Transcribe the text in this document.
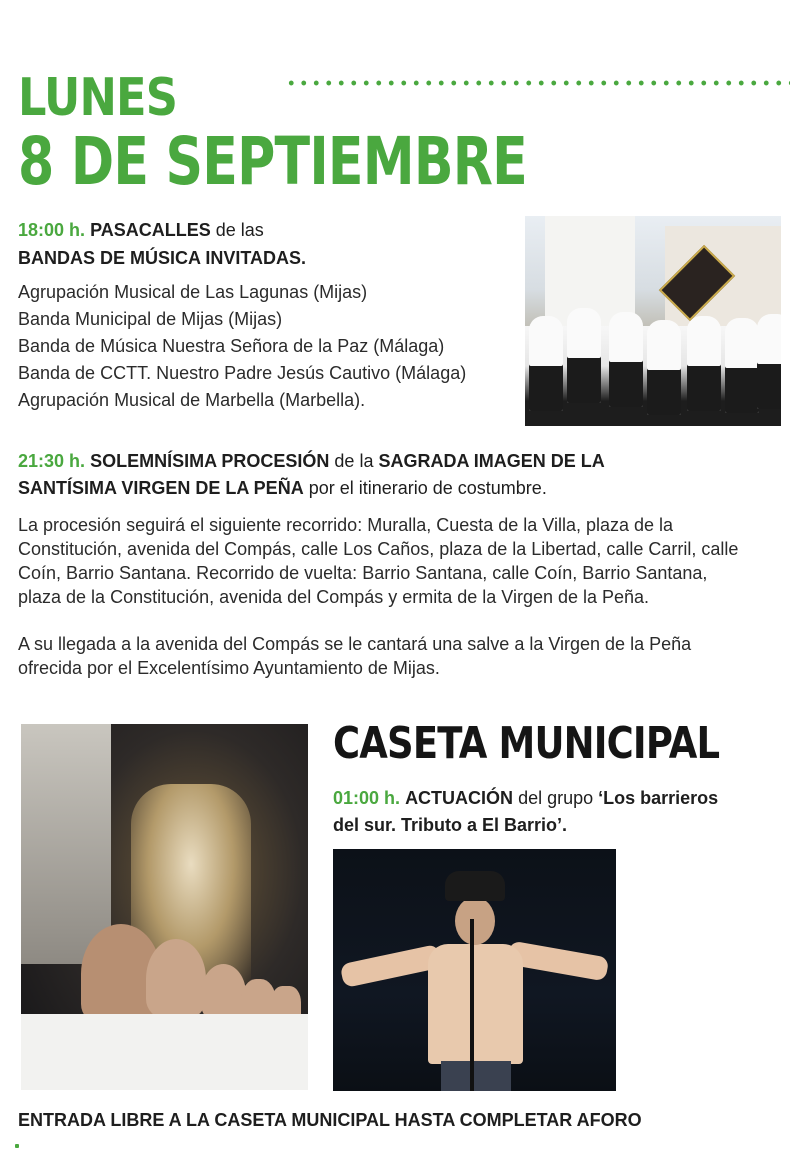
LUNES
8 DE SEPTIEMBRE
18:00 h. PASACALLES de las
BANDAS DE MÚSICA INVITADAS.
Agrupación Musical de Las Lagunas (Mijas)
Banda Municipal de Mijas (Mijas)
Banda de Música Nuestra Señora de la Paz (Málaga)
Banda de CCTT. Nuestro Padre Jesús Cautivo (Málaga)
Agrupación Musical de Marbella (Marbella).
21:30 h. SOLEMNÍSIMA PROCESIÓN de la SAGRADA IMAGEN DE LA
SANTÍSIMA VIRGEN DE LA PEÑA por el itinerario de costumbre.
La procesión seguirá el siguiente recorrido: Muralla, Cuesta de la Villa, plaza de la
Constitución, avenida del Compás, calle Los Caños, plaza de la Libertad, calle Carril, calle
Coín, Barrio Santana. Recorrido de vuelta: Barrio Santana, calle Coín, Barrio Santana,
plaza de la Constitución, avenida del Compás y ermita de la Virgen de la Peña.
A su llegada a la avenida del Compás se le cantará una salve a la Virgen de la Peña
ofrecida por el Excelentísimo Ayuntamiento de Mijas.
CASETA MUNICIPAL
01:00 h. ACTUACIÓN del grupo ‘Los barrieros
del sur. Tributo a El Barrio’.
ENTRADA LIBRE A LA CASETA MUNICIPAL HASTA COMPLETAR AFORO
